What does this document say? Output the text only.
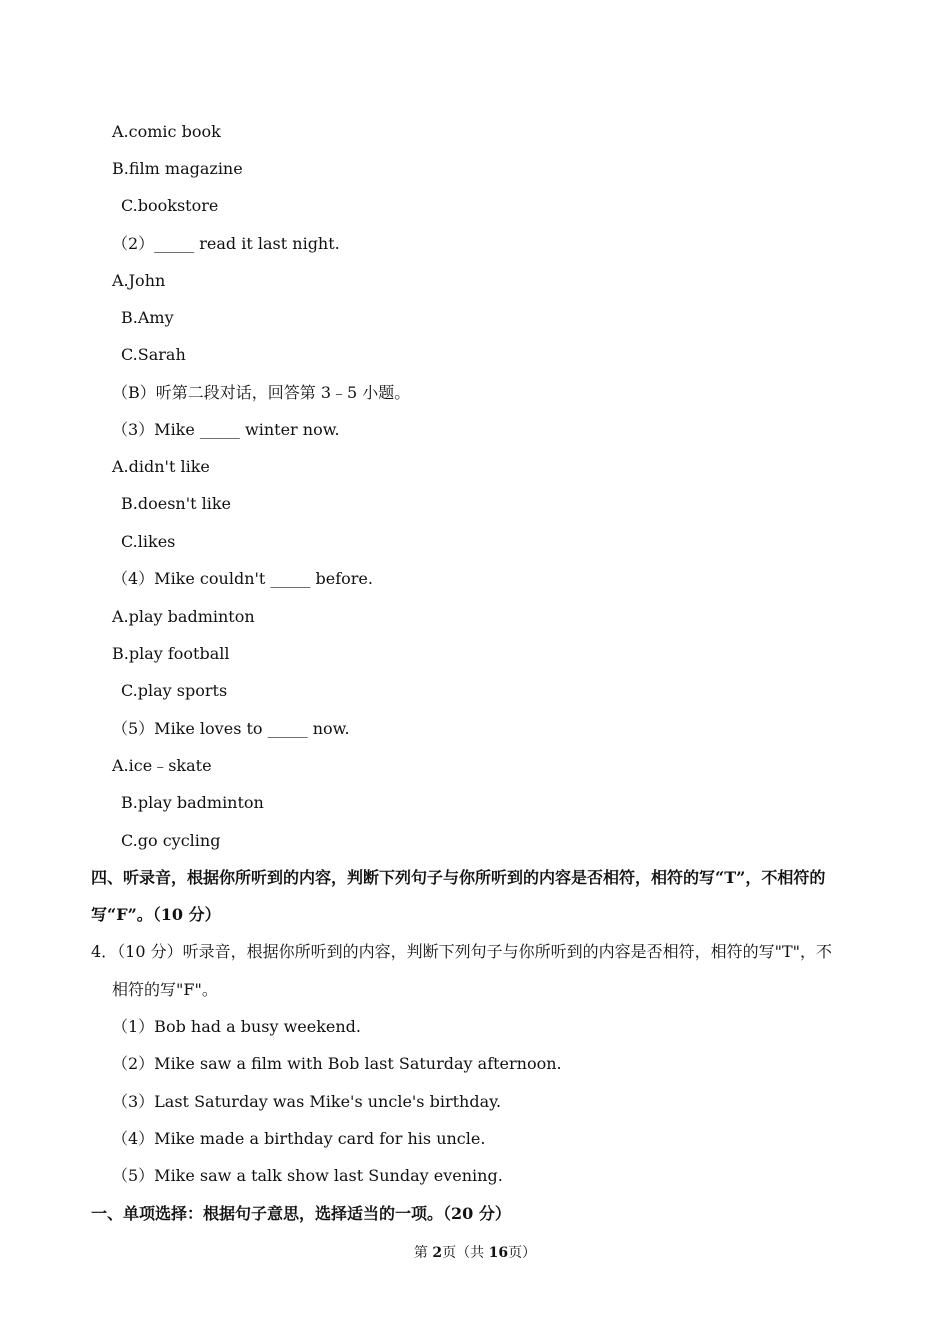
A.comic book
B.film magazine
C.bookstore
（2）_____ read it last night.
A.John
B.Amy
C.Sarah
（B）听第二段对话，回答第 3﹣5 小题。
（3）Mike _____ winter now.
A.didn't like
B.doesn't like
C.likes
（4）Mike couldn't _____ before.
A.play badminton
B.play football
C.play sports
（5）Mike loves to _____ now.
A.ice﹣skate
B.play badminton
C.go cycling
四、听录音，根据你所听到的内容，判断下列句子与你所听到的内容是否相符，相符的写“T”，不相符的
写“F”。（10 分）
4．（10 分）听录音，根据你所听到的内容，判断下列句子与你所听到的内容是否相符，相符的写"T"，不
相符的写"F"。
（1）Bob had a busy weekend.
（2）Mike saw a film with Bob last Saturday afternoon.
（3）Last Saturday was Mike's uncle's birthday.
（4）Mike made a birthday card for his uncle.
（5）Mike saw a talk show last Sunday evening.
一、单项选择：根据句子意思，选择适当的一项。（20 分）
第 2页（共 16页）
